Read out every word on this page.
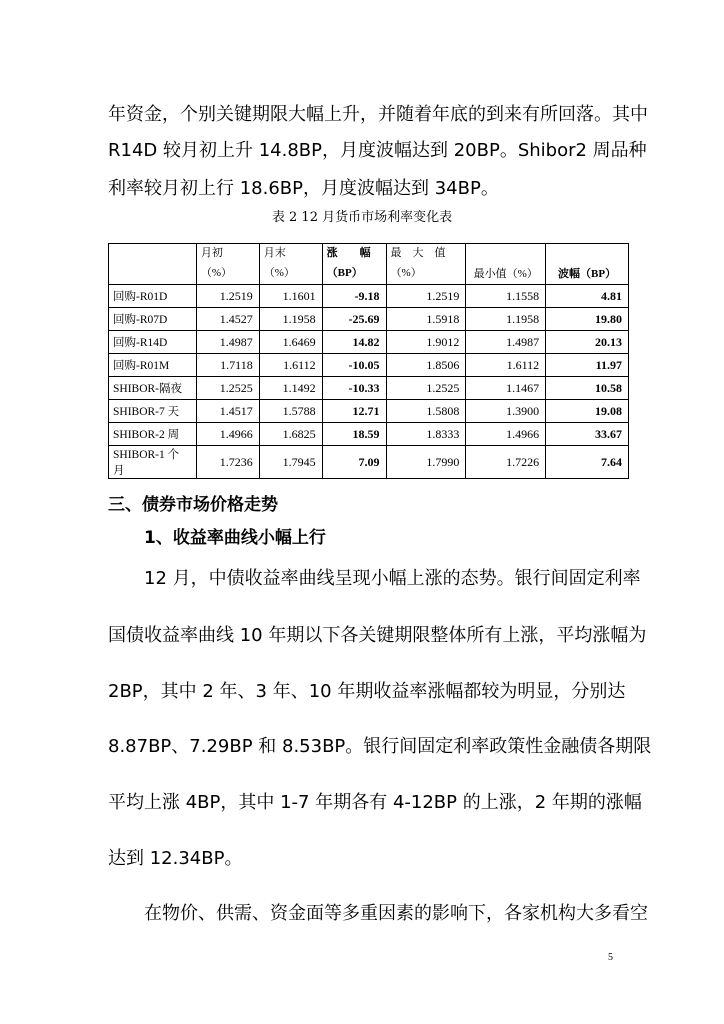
年资金，个别关键期限大幅上升，并随着年底的到来有所回落。其中
R14D 较月初上升 14.8BP，月度波幅达到 20BP。Shibor2 周品种
利率较月初上行 18.6BP，月度波幅达到 34BP。
表 2 12 月货币市场利率变化表
	月初
（%）	月末
（%）	涨　　幅
（BP）	最　大　值
（%）	最小值（%）	波幅（BP）

回购-R01D	1.2519	1.1601	-9.18	1.2519	1.1558	4.81
回购-R07D	1.4527	1.1958	-25.69	1.5918	1.1958	19.80
回购-R14D	1.4987	1.6469	14.82	1.9012	1.4987	20.13
回购-R01M	1.7118	1.6112	-10.05	1.8506	1.6112	11.97
SHIBOR-隔夜	1.2525	1.1492	-10.33	1.2525	1.1467	10.58
SHIBOR-7 天	1.4517	1.5788	12.71	1.5808	1.3900	19.08
SHIBOR-2 周	1.4966	1.6825	18.59	1.8333	1.4966	33.67
SHIBOR-1 个月	1.7236	1.7945	7.09	1.7990	1.7226	7.64
三、债券市场价格走势
1、收益率曲线小幅上行
12 月，中债收益率曲线呈现小幅上涨的态势。银行间固定利率
国债收益率曲线 10 年期以下各关键期限整体所有上涨，平均涨幅为
2BP，其中 2 年、3 年、10 年期收益率涨幅都较为明显，分别达
8.87BP、7.29BP 和 8.53BP。银行间固定利率政策性金融债各期限
平均上涨 4BP，其中 1-7 年期各有 4-12BP 的上涨，2 年期的涨幅
达到 12.34BP。
在物价、供需、资金面等多重因素的影响下，各家机构大多看空
5
